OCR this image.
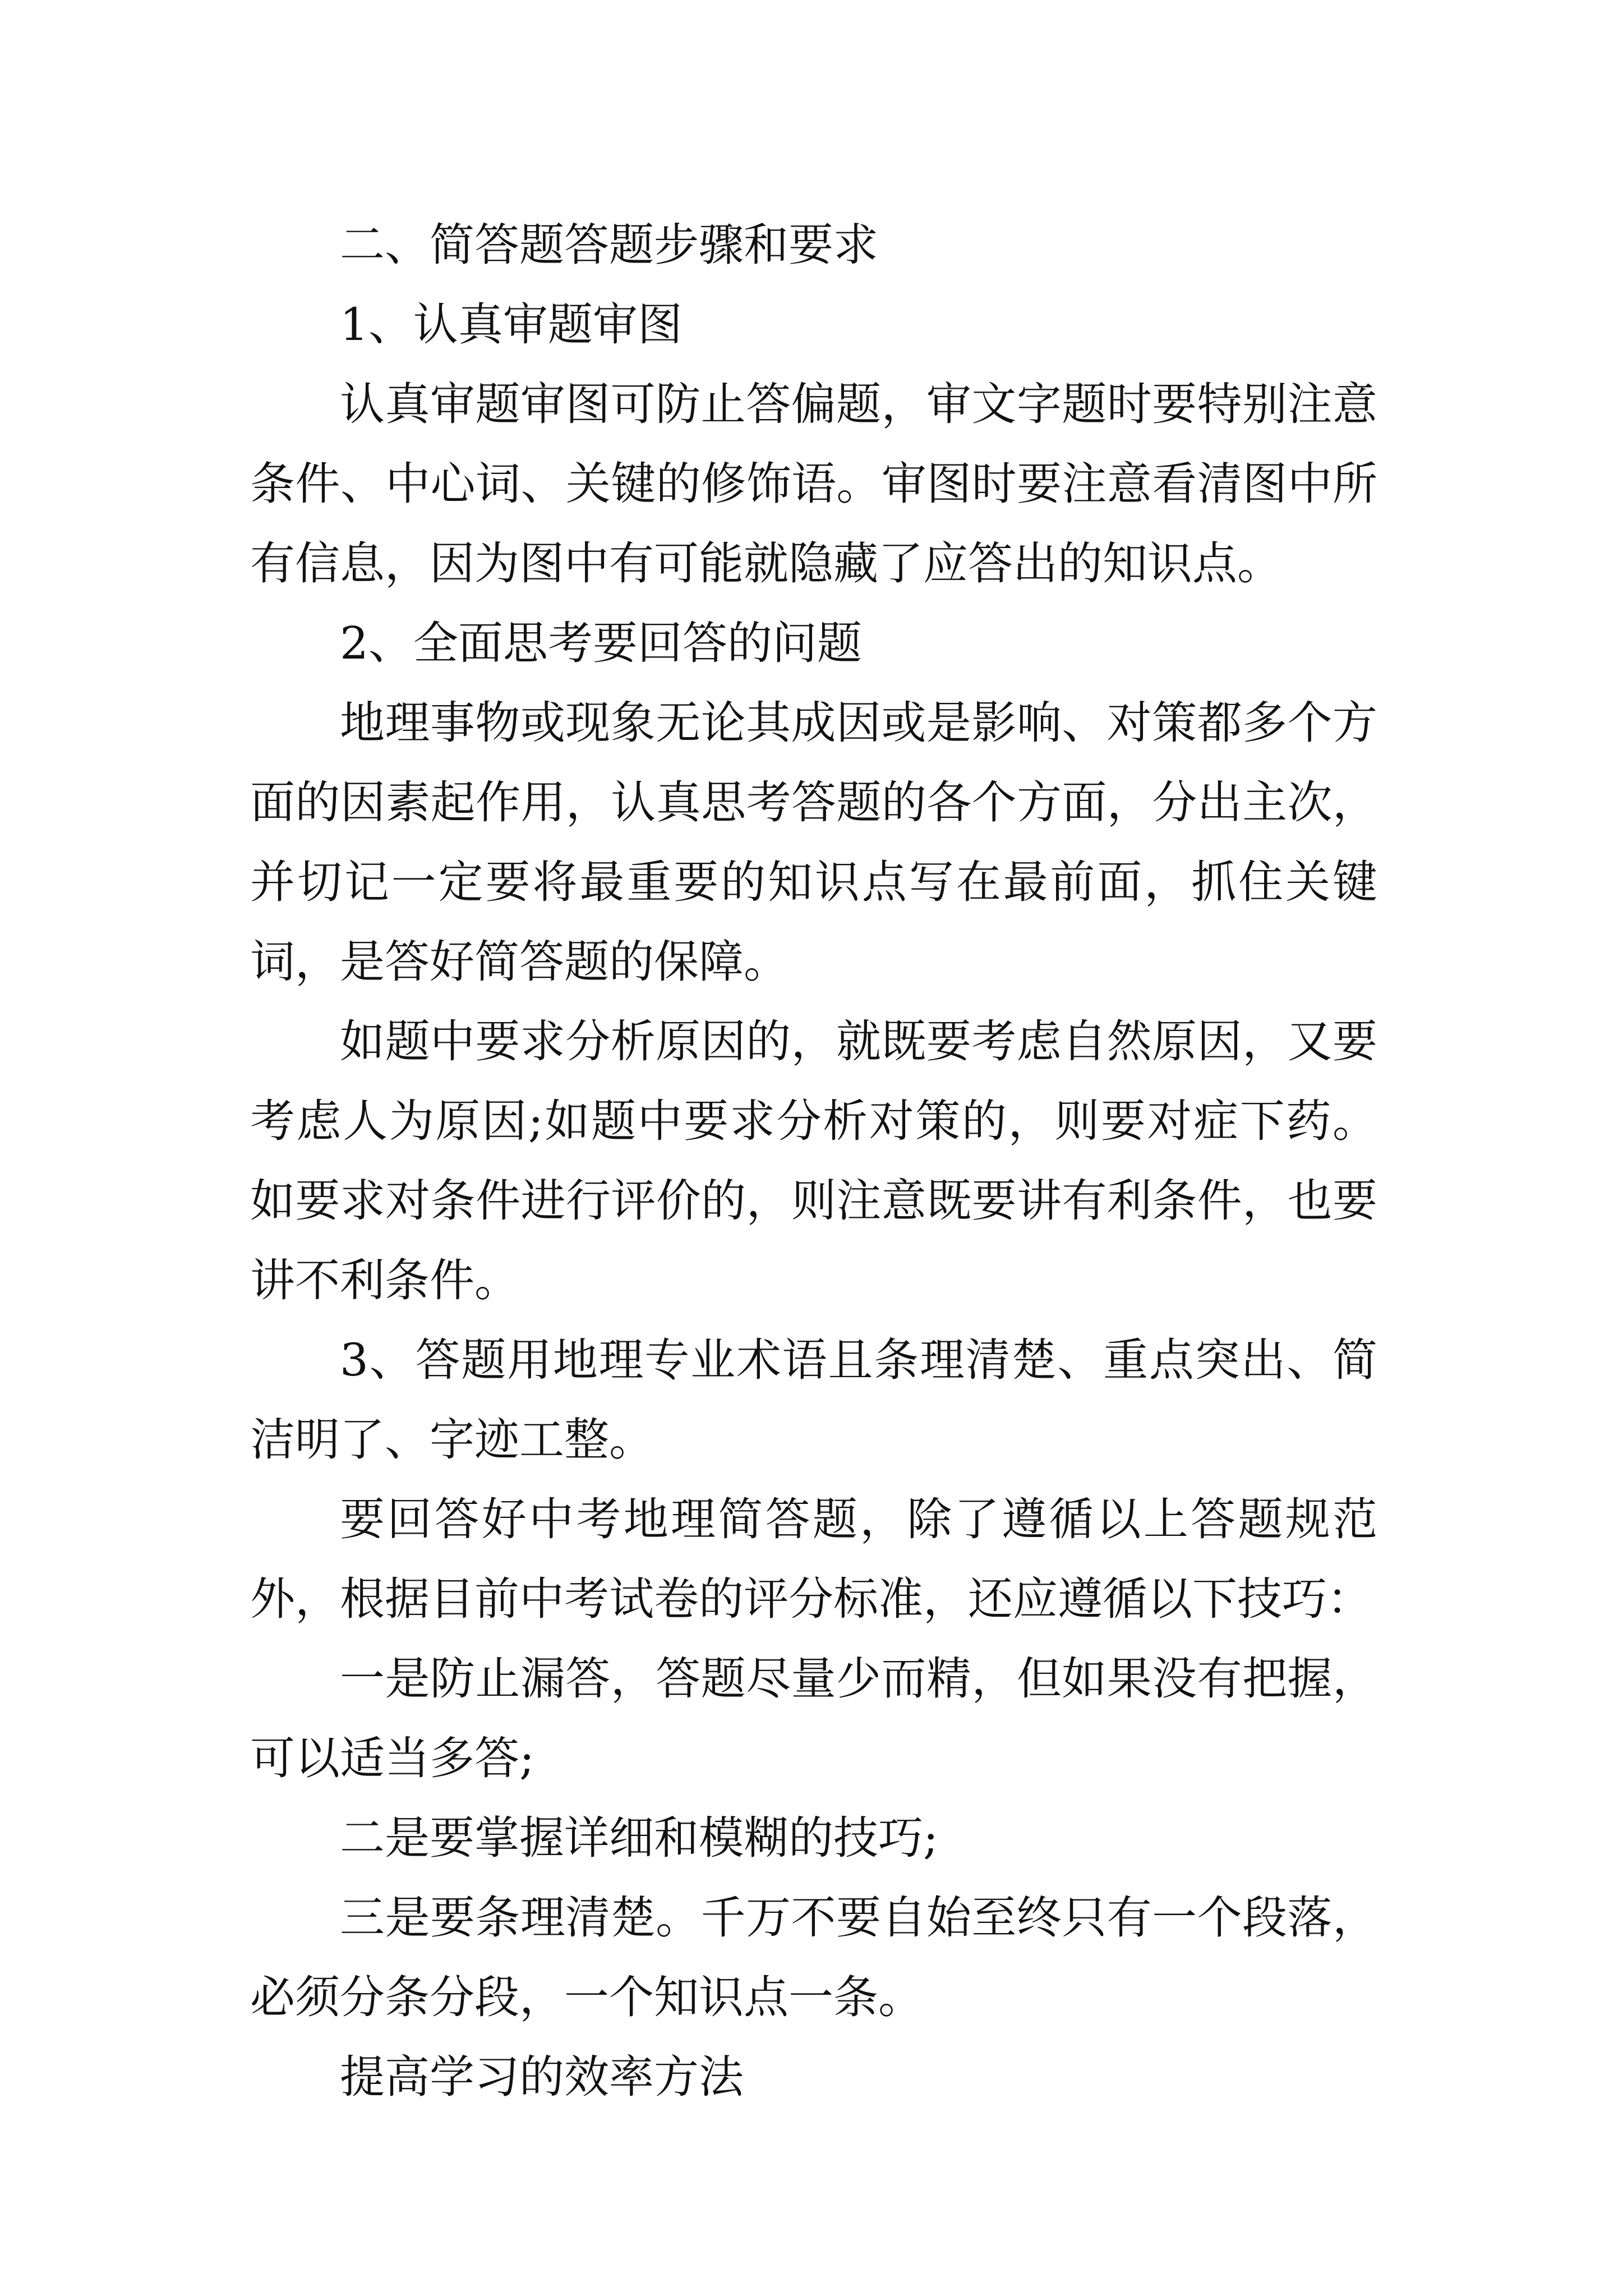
二、简答题答题步骤和要求

1、认真审题审图

认真审题审图可防止答偏题，审文字题时要特别注意条件、中心词、关键的修饰语。审图时要注意看清图中所有信息，因为图中有可能就隐藏了应答出的知识点。

2、全面思考要回答的问题

地理事物或现象无论其成因或是影响、对策都多个方面的因素起作用，认真思考答题的各个方面，分出主次，并切记一定要将最重要的知识点写在最前面，抓住关键词，是答好简答题的保障。

如题中要求分析原因的，就既要考虑自然原因，又要考虑人为原因;如题中要求分析对策的，则要对症下药。如要求对条件进行评价的，则注意既要讲有利条件，也要讲不利条件。

3、答题用地理专业术语且条理清楚、重点突出、简洁明了、字迹工整。

要回答好中考地理简答题，除了遵循以上答题规范外，根据目前中考试卷的评分标准，还应遵循以下技巧：

一是防止漏答，答题尽量少而精，但如果没有把握，可以适当多答;

二是要掌握详细和模糊的技巧;

三是要条理清楚。千万不要自始至终只有一个段落，必须分条分段，一个知识点一条。

提高学习的效率方法
